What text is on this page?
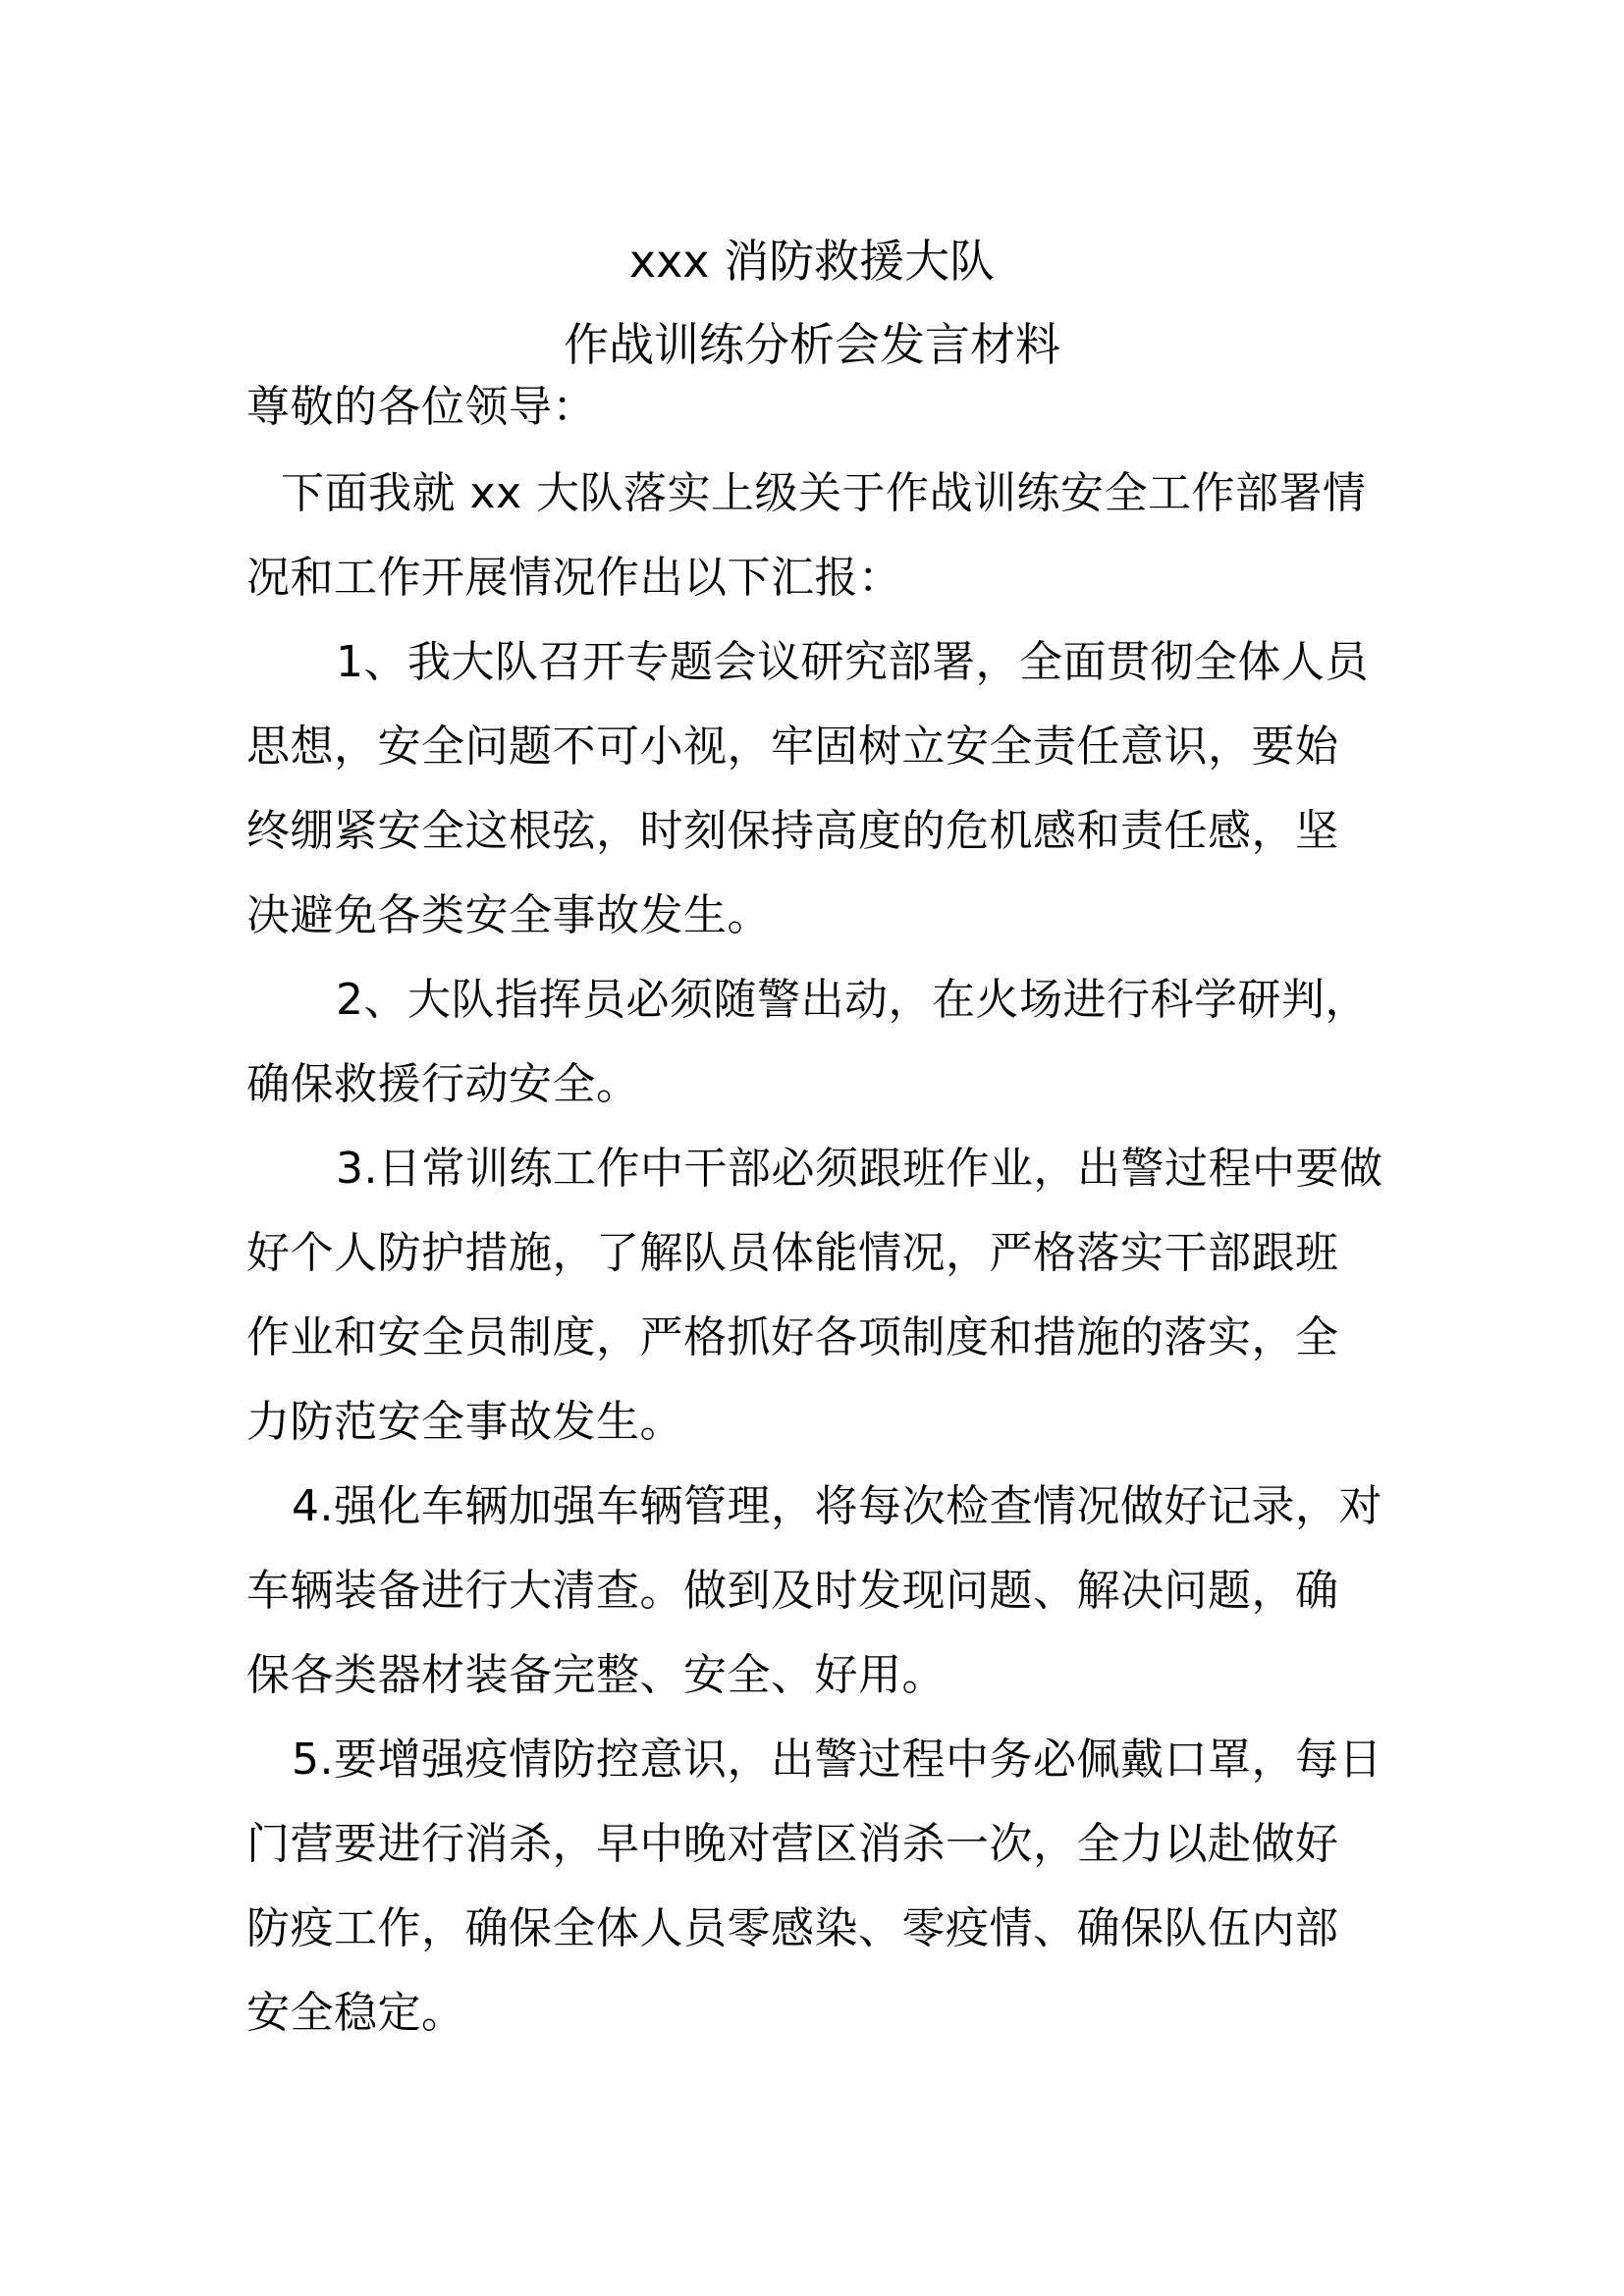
xxx 消防救援大队
作战训练分析会发言材料
尊敬的各位领导：
下面我就 xx 大队落实上级关于作战训练安全工作部署情
况和工作开展情况作出以下汇报：
1、我大队召开专题会议研究部署，全面贯彻全体人员
思想，安全问题不可小视，牢固树立安全责任意识，要始
终绷紧安全这根弦，时刻保持高度的危机感和责任感，坚
决避免各类安全事故发生。
2、大队指挥员必须随警出动，在火场进行科学研判，
确保救援行动安全。
3.日常训练工作中干部必须跟班作业，出警过程中要做
好个人防护措施，了解队员体能情况，严格落实干部跟班
作业和安全员制度，严格抓好各项制度和措施的落实，全
力防范安全事故发生。
4.强化车辆加强车辆管理，将每次检查情况做好记录，对
车辆装备进行大清查。做到及时发现问题、解决问题，确
保各类器材装备完整、安全、好用。
5.要增强疫情防控意识，出警过程中务必佩戴口罩，每日
门营要进行消杀，早中晚对营区消杀一次，全力以赴做好
防疫工作，确保全体人员零感染、零疫情、确保队伍内部
安全稳定。
